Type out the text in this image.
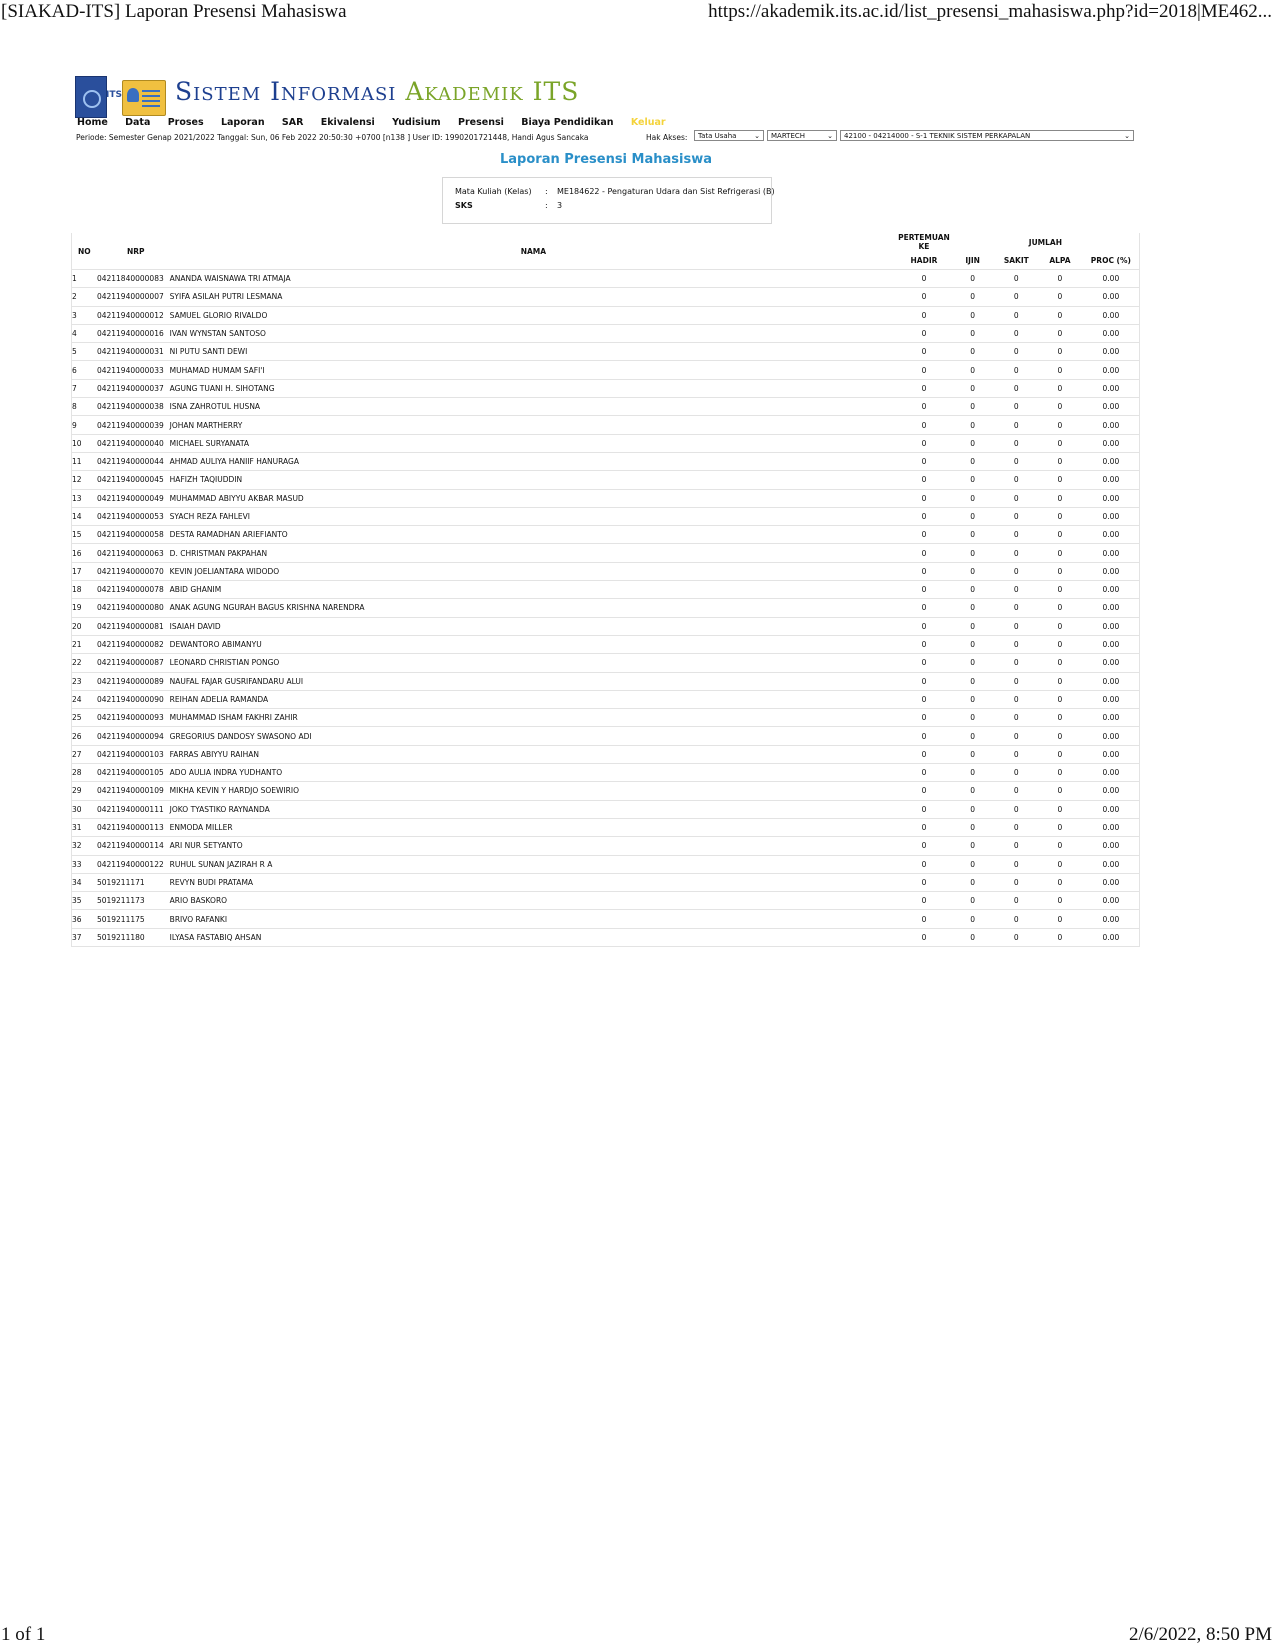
[SIAKAD-ITS] Laporan Presensi Mahasiswa	https://akademik.its.ac.id/list_presensi_mahasiswa.php?id=2018|ME462...
ITS Sistem Informasi Akademik ITS
Home Data Proses Laporan SAR Ekivalensi Yudisium Presensi Biaya Pendidikan Keluar
Periode: Semester Genap 2021/2022 Tanggal: Sun, 06 Feb 2022 20:50:30 +0700 [n138 ] User ID: 1990201721448, Handi Agus Sancaka	Hak Akses:	Tata Usaha	⌄	MARTECH	⌄	42100 - 04214000 - S-1 TEKNIK SISTEM PERKAPALAN	⌄
Laporan Presensi Mahasiswa
Mata Kuliah (Kelas) : ME184622 - Pengaturan Udara dan Sist Refrigerasi (B)
SKS	: 3
NO	NRP	NAMA	PERTEMUAN KE	JUMLAH			
			HADIR	IJIN	SAKIT	ALPA	PROC (%)
1	04211840000083	ANANDA WAISNAWA TRI ATMAJA	0	0	0	0	0.00
2	04211940000007	SYIFA ASILAH PUTRI LESMANA	0	0	0	0	0.00
3	04211940000012	SAMUEL GLORIO RIVALDO	0	0	0	0	0.00
4	04211940000016	IVAN WYNSTAN SANTOSO	0	0	0	0	0.00
5	04211940000031	NI PUTU SANTI DEWI	0	0	0	0	0.00
6	04211940000033	MUHAMAD HUMAM SAFI'I	0	0	0	0	0.00
7	04211940000037	AGUNG TUANI H. SIHOTANG	0	0	0	0	0.00
8	04211940000038	ISNA ZAHROTUL HUSNA	0	0	0	0	0.00
9	04211940000039	JOHAN MARTHERRY	0	0	0	0	0.00
10	04211940000040	MICHAEL SURYANATA	0	0	0	0	0.00
11	04211940000044	AHMAD AULIYA HANIIF HANURAGA	0	0	0	0	0.00
12	04211940000045	HAFIZH TAQIUDDIN	0	0	0	0	0.00
13	04211940000049	MUHAMMAD ABIYYU AKBAR MASUD	0	0	0	0	0.00
14	04211940000053	SYACH REZA FAHLEVI	0	0	0	0	0.00
15	04211940000058	DESTA RAMADHAN ARIEFIANTO	0	0	0	0	0.00
16	04211940000063	D. CHRISTMAN PAKPAHAN	0	0	0	0	0.00
17	04211940000070	KEVIN JOELIANTARA WIDODO	0	0	0	0	0.00
18	04211940000078	ABID GHANIM	0	0	0	0	0.00
19	04211940000080	ANAK AGUNG NGURAH BAGUS KRISHNA NARENDRA	0	0	0	0	0.00
20	04211940000081	ISAIAH DAVID	0	0	0	0	0.00
21	04211940000082	DEWANTORO ABIMANYU	0	0	0	0	0.00
22	04211940000087	LEONARD CHRISTIAN PONGO	0	0	0	0	0.00
23	04211940000089	NAUFAL FAJAR GUSRIFANDARU ALUI	0	0	0	0	0.00
24	04211940000090	REIHAN ADELIA RAMANDA	0	0	0	0	0.00
25	04211940000093	MUHAMMAD ISHAM FAKHRI ZAHIR	0	0	0	0	0.00
26	04211940000094	GREGORIUS DANDOSY SWASONO ADI	0	0	0	0	0.00
27	04211940000103	FARRAS ABIYYU RAIHAN	0	0	0	0	0.00
28	04211940000105	ADO AULIA INDRA YUDHANTO	0	0	0	0	0.00
29	04211940000109	MIKHA KEVIN Y HARDJO SOEWIRIO	0	0	0	0	0.00
30	04211940000111	JOKO TYASTIKO RAYNANDA	0	0	0	0	0.00
31	04211940000113	ENMODA MILLER	0	0	0	0	0.00
32	04211940000114	ARI NUR SETYANTO	0	0	0	0	0.00
33	04211940000122	RUHUL SUNAN JAZIRAH R A	0	0	0	0	0.00
34	5019211171	REVYN BUDI PRATAMA	0	0	0	0	0.00
35	5019211173	ARIO BASKORO	0	0	0	0	0.00
36	5019211175	BRIVO RAFANKI	0	0	0	0	0.00
37	5019211180	ILYASA FASTABIQ AHSAN	0	0	0	0	0.00
1 of 1	2/6/2022, 8:50 PM
